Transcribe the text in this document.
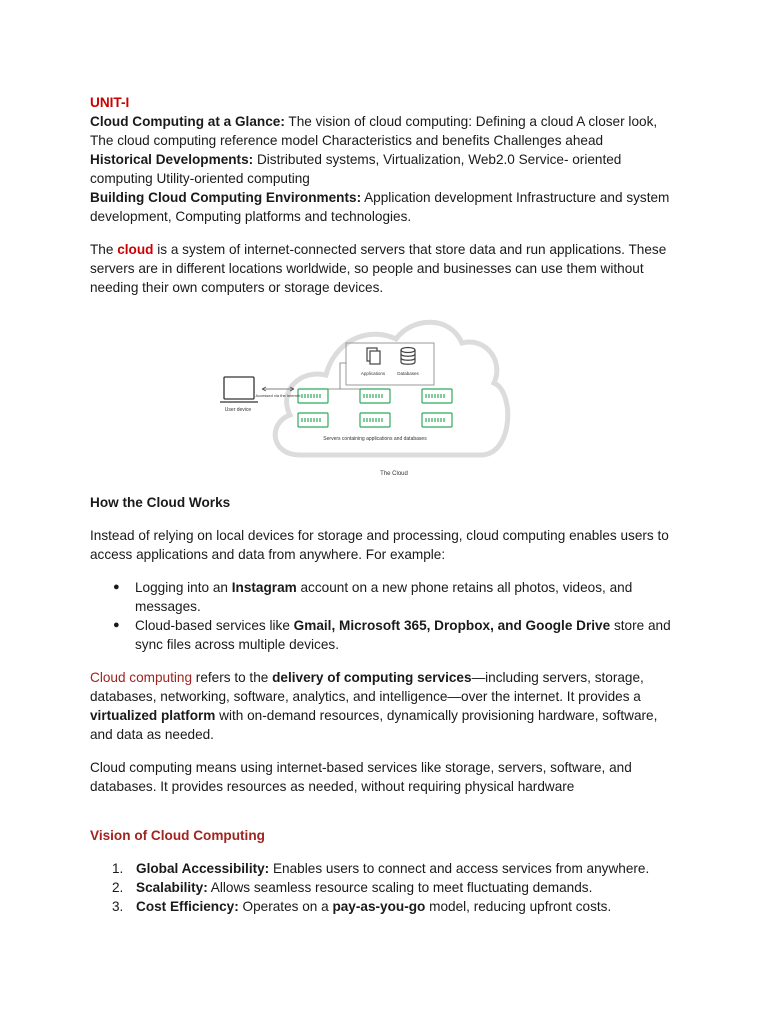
UNIT-I

Cloud Computing at a Glance: The vision of cloud computing: Defining a cloud A closer look, The cloud computing reference model Characteristics and benefits Challenges ahead

Historical Developments: Distributed systems, Virtualization, Web2.0 Service- oriented computing Utility-oriented computing

Building Cloud Computing Environments: Application development Infrastructure and system development, Computing platforms and technologies.

The cloud is a system of internet-connected servers that store data and run applications. These servers are in different locations worldwide, so people and businesses can use them without needing their own computers or storage devices.

Applications	Databases
Servers containing applications and databases
User device
Accessed via the Internet
The Cloud

How the Cloud Works

Instead of relying on local devices for storage and processing, cloud computing enables users to access applications and data from anywhere. For example:

● Logging into an Instagram account on a new phone retains all photos, videos, and messages.
● Cloud-based services like Gmail, Microsoft 365, Dropbox, and Google Drive store and sync files across multiple devices.

Cloud computing refers to the delivery of computing services—including servers, storage, databases, networking, software, analytics, and intelligence—over the internet. It provides a virtualized platform with on-demand resources, dynamically provisioning hardware, software, and data as needed.

Cloud computing means using internet-based services like storage, servers, software, and databases. It provides resources as needed, without requiring physical hardware

Vision of Cloud Computing

1. Global Accessibility: Enables users to connect and access services from anywhere.
2. Scalability: Allows seamless resource scaling to meet fluctuating demands.
3. Cost Efficiency: Operates on a pay-as-you-go model, reducing upfront costs.
